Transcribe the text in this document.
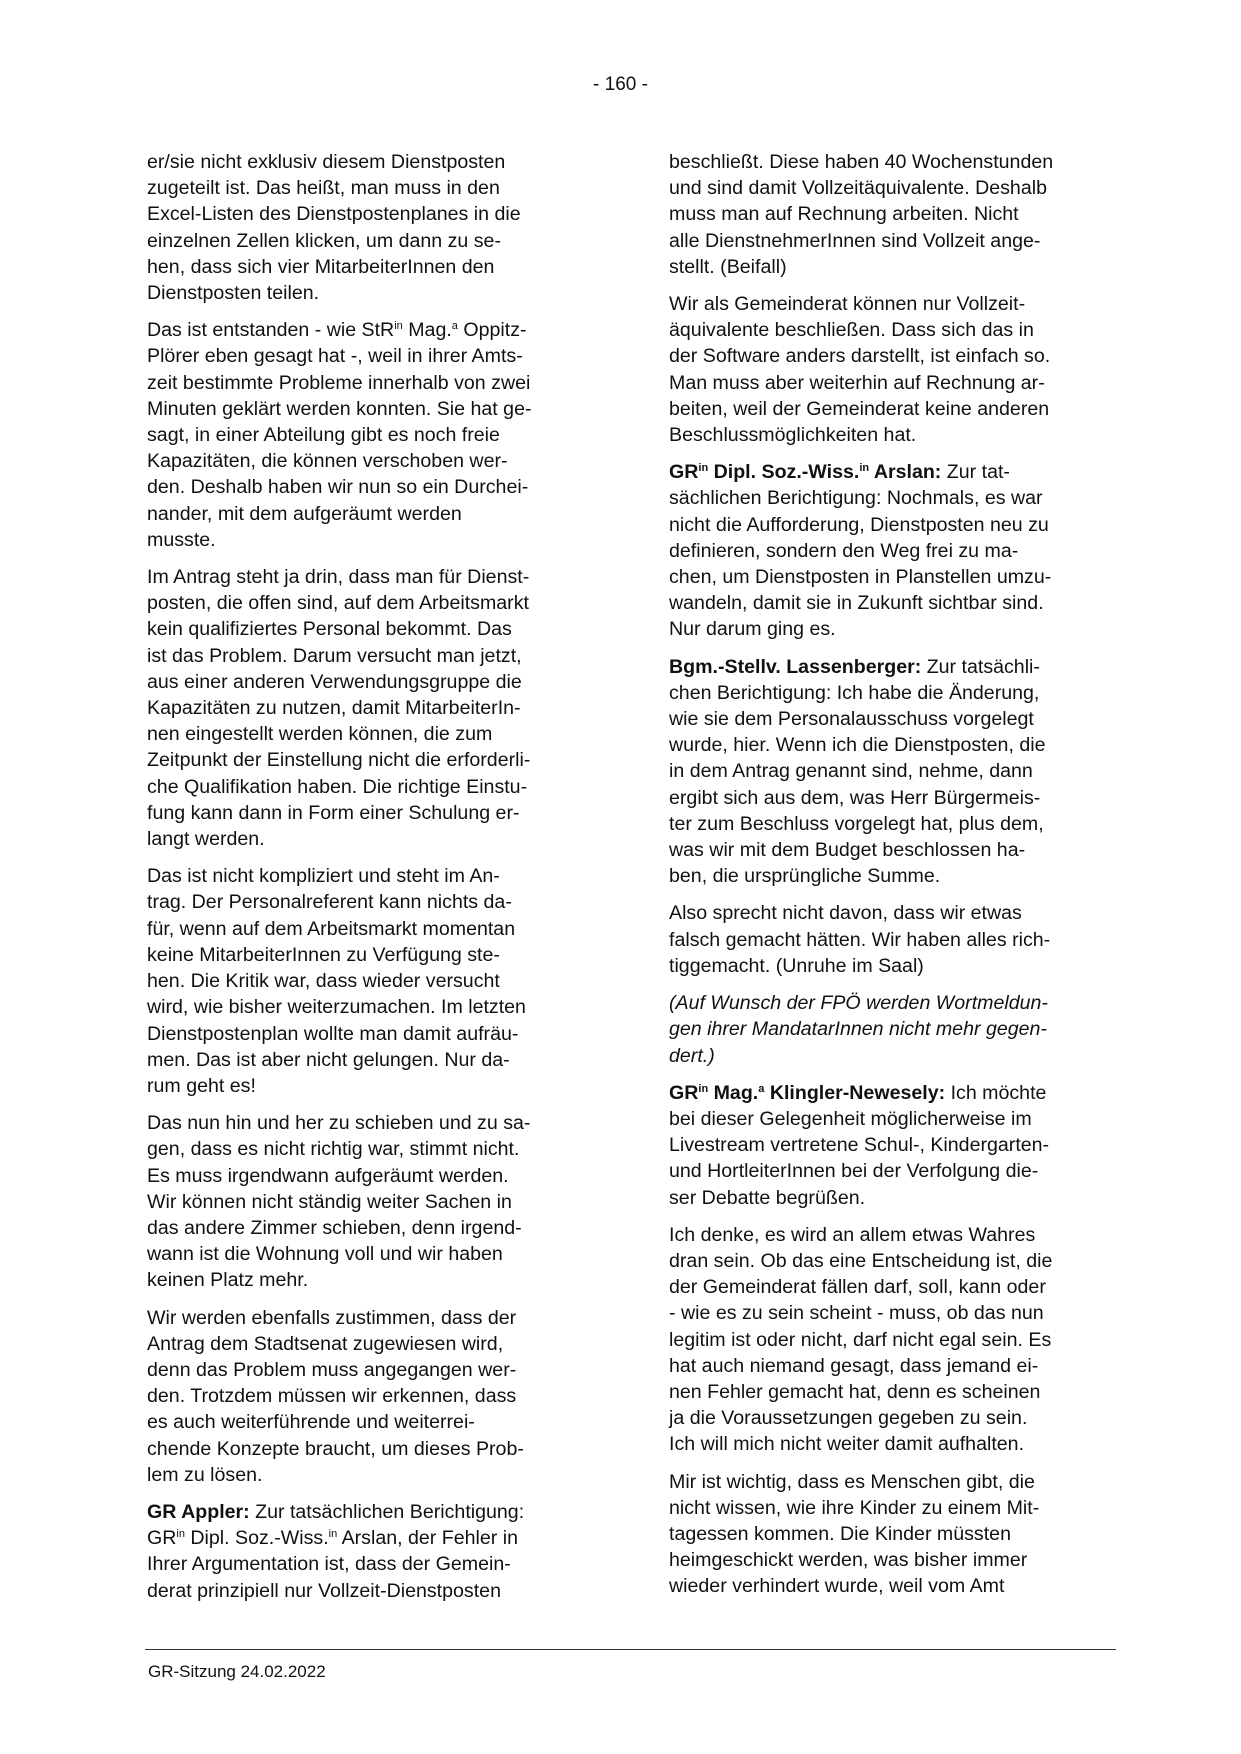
- 160 -

er/sie nicht exklusiv diesem Dienstposten
zugeteilt ist. Das heißt, man muss in den
Excel-Listen des Dienstpostenplanes in die
einzelnen Zellen klicken, um dann zu se-
hen, dass sich vier MitarbeiterInnen den
Dienstposten teilen.

Das ist entstanden - wie StR$^{in}$ Mag.$^a$ Oppitz-
Plörer eben gesagt hat -, weil in ihrer Amts-
zeit bestimmte Probleme innerhalb von zwei
Minuten geklärt werden konnten. Sie hat ge-
sagt, in einer Abteilung gibt es noch freie
Kapazitäten, die können verschoben wer-
den. Deshalb haben wir nun so ein Durchei-
nander, mit dem aufgeräumt werden
musste.

Im Antrag steht ja drin, dass man für Dienst-
posten, die offen sind, auf dem Arbeitsmarkt
kein qualifiziertes Personal bekommt. Das
ist das Problem. Darum versucht man jetzt,
aus einer anderen Verwendungsgruppe die
Kapazitäten zu nutzen, damit MitarbeiterIn-
nen eingestellt werden können, die zum
Zeitpunkt der Einstellung nicht die erforderli-
che Qualifikation haben. Die richtige Einstu-
fung kann dann in Form einer Schulung er-
langt werden.

Das ist nicht kompliziert und steht im An-
trag. Der Personalreferent kann nichts da-
für, wenn auf dem Arbeitsmarkt momentan
keine MitarbeiterInnen zu Verfügung ste-
hen. Die Kritik war, dass wieder versucht
wird, wie bisher weiterzumachen. Im letzten
Dienstpostenplan wollte man damit aufräu-
men. Das ist aber nicht gelungen. Nur da-
rum geht es!

Das nun hin und her zu schieben und zu sa-
gen, dass es nicht richtig war, stimmt nicht.
Es muss irgendwann aufgeräumt werden.
Wir können nicht ständig weiter Sachen in
das andere Zimmer schieben, denn irgend-
wann ist die Wohnung voll und wir haben
keinen Platz mehr.

Wir werden ebenfalls zustimmen, dass der
Antrag dem Stadtsenat zugewiesen wird,
denn das Problem muss angegangen wer-
den. Trotzdem müssen wir erkennen, dass
es auch weiterführende und weiterrei-
chende Konzepte braucht, um dieses Prob-
lem zu lösen.

GR Appler: Zur tatsächlichen Berichtigung:
$GR^{in}$ Dipl. Soz.-Wiss.$^{in}$ Arslan, der Fehler in
Ihrer Argumentation ist, dass der Gemein-
derat prinzipiell nur Vollzeit-Dienstposten

beschließt. Diese haben 40 Wochenstunden
und sind damit Vollzeitäquivalente. Deshalb
muss man auf Rechnung arbeiten. Nicht
alle DienstnehmerInnen sind Vollzeit ange-
stellt. (Beifall)

Wir als Gemeinderat können nur Vollzeit-
äquivalente beschließen. Dass sich das in
der Software anders darstellt, ist einfach so.
Man muss aber weiterhin auf Rechnung ar-
beiten, weil der Gemeinderat keine anderen
Beschlussmöglichkeiten hat.

$GR^{in}$ Dipl. Soz.-Wiss.$^{in}$ Arslan: Zur tat-
sächlichen Berichtigung: Nochmals, es war
nicht die Aufforderung, Dienstposten neu zu
definieren, sondern den Weg frei zu ma-
chen, um Dienstposten in Planstellen umzu-
wandeln, damit sie in Zukunft sichtbar sind.
Nur darum ging es.

Bgm.-Stellv. Lassenberger: Zur tatsächli-
chen Berichtigung: Ich habe die Änderung,
wie sie dem Personalausschuss vorgelegt
wurde, hier. Wenn ich die Dienstposten, die
in dem Antrag genannt sind, nehme, dann
ergibt sich aus dem, was Herr Bürgermeis-
ter zum Beschluss vorgelegt hat, plus dem,
was wir mit dem Budget beschlossen ha-
ben, die ursprüngliche Summe.

Also sprecht nicht davon, dass wir etwas
falsch gemacht hätten. Wir haben alles rich-
tiggemacht. (Unruhe im Saal)

(Auf Wunsch der FPÖ werden Wortmeldun-
gen ihrer MandatarInnen nicht mehr gegen-
dert.)

$GR^{in}$ Mag.$^a$ Klingler-Newesely: Ich möchte
bei dieser Gelegenheit möglicherweise im
Livestream vertretene Schul-, Kindergarten-
und HortleiterInnen bei der Verfolgung die-
ser Debatte begrüßen.

Ich denke, es wird an allem etwas Wahres
dran sein. Ob das eine Entscheidung ist, die
der Gemeinderat fällen darf, soll, kann oder
- wie es zu sein scheint - muss, ob das nun
legitim ist oder nicht, darf nicht egal sein. Es
hat auch niemand gesagt, dass jemand ei-
nen Fehler gemacht hat, denn es scheinen
ja die Voraussetzungen gegeben zu sein.
Ich will mich nicht weiter damit aufhalten.

Mir ist wichtig, dass es Menschen gibt, die
nicht wissen, wie ihre Kinder zu einem Mit-
tagessen kommen. Die Kinder müssten
heimgeschickt werden, was bisher immer
wieder verhindert wurde, weil vom Amt

GR-Sitzung 24.02.2022
